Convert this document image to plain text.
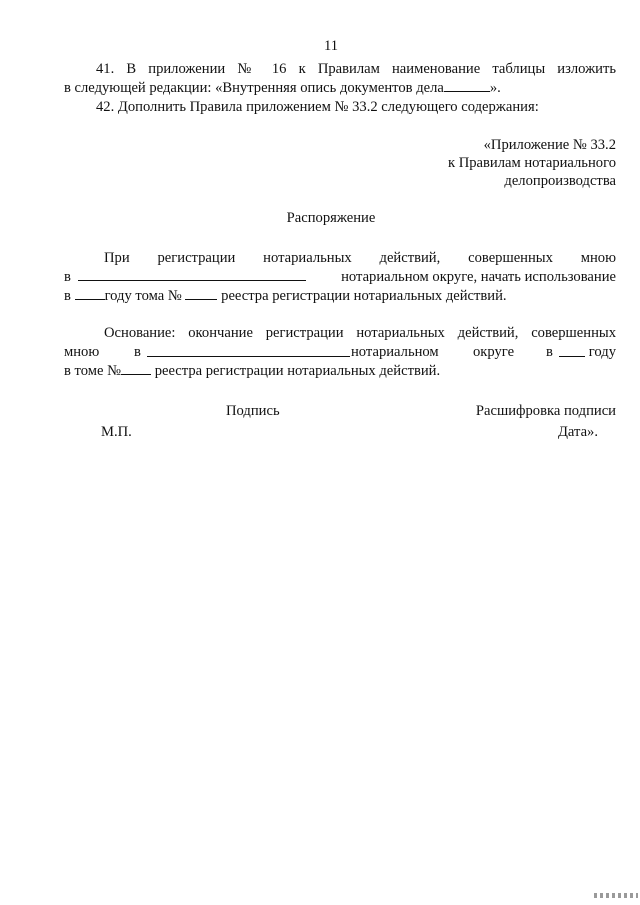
11
41. В приложении № 16 к Правилам наименование таблицы изложить
в следующей редакции: «Внутренняя опись документов дела	».
42. Дополнить Правила приложением № 33.2 следующего содержания:
«Приложение № 33.2
к Правилам нотариального
делопроизводства
Распоряжение
При регистрации нотариальных действий, совершенных мною
в	нотариальном округе, начать использование
в году тома №	реестра регистрации нотариальных действий.
Основание: окончание регистрации нотариальных действий, совершенных
мною в	нотариальном округе в году
в томе № реестра регистрации нотариальных действий.
Подпись	Расшифровка подписи
М.П.	Дата».
